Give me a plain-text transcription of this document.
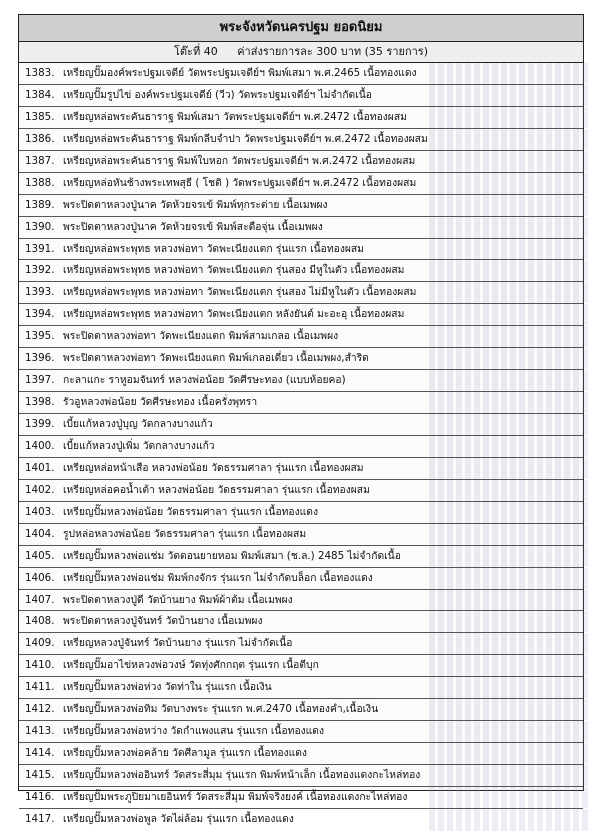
พระจังหวัดนครปฐม ยอดนิยม
โต๊ะที่ 40 ค่าส่งรายการละ 300 บาท (35 รายการ)
1383. เหรียญปั๊มองค์พระปฐมเจดีย์ วัดพระปฐมเจดีย์ฯ พิมพ์เสมา พ.ศ.2465 เนื้อทองแดง
1384. เหรียญปั๊มรูปไข่ องค์พระปฐมเจดีย์ (วีว) วัดพระปฐมเจดีย์ฯ ไม่จำกัดเนื้อ
1385. เหรียญหล่อพระคันธาราฐ พิมพ์เสมา วัดพระปฐมเจดีย์ฯ พ.ศ.2472 เนื้อทองผสม
1386. เหรียญหล่อพระคันธาราฐ พิมพ์กลีบจำปา วัดพระปฐมเจดีย์ฯ พ.ศ.2472 เนื้อทองผสม
1387. เหรียญหล่อพระคันธาราฐ พิมพ์ใบหอก วัดพระปฐมเจดีย์ฯ พ.ศ.2472 เนื้อทองผสม
1388. เหรียญหล่อหันช้างพระเทพสุธี ( โชติ ) วัดพระปฐมเจดีย์ฯ พ.ศ.2472 เนื้อทองผสม
1389. พระปิดตาหลวงปู่นาค วัดห้วยจรเข้ พิมพ์ทุกระต่าย เนื้อเมพผง
1390. พระปิดตาหลวงปู่นาค วัดห้วยจรเข้ พิมพ์สะดือจุ่น เนื้อเมพผง
1391. เหรียญหล่อพระพุทธ หลวงพ่อทา วัดพะเนียงแตก รุ่นแรก เนื้อทองผสม
1392. เหรียญหล่อพระพุทธ หลวงพ่อทา วัดพะเนียงแตก รุ่นสอง มีหูในตัว เนื้อทองผสม
1393. เหรียญหล่อพระพุทธ หลวงพ่อทา วัดพะเนียงแตก รุ่นสอง ไม่มีหูในตัว เนื้อทองผสม
1394. เหรียญหล่อพระพุทธ หลวงพ่อทา วัดพะเนียงแตก หลังยันต์ มะอะอุ เนื้อทองผสม
1395. พระปิดตาหลวงพ่อทา วัดพะเนียงแตก พิมพ์สามเกลอ เนื้อเมพผง
1396. พระปิดตาหลวงพ่อทา วัดพะเนียงแตก พิมพ์เกลอเดี่ยว เนื้อเมพผง,สำริด
1397. กะลาแกะ ราหูอมจันทร์ หลวงพ่อน้อย วัดศีรษะทอง (แบบห้อยคอ)
1398. รัวอูหลวงพ่อน้อย วัดศีรษะทอง เนื้อครั่งพุทรา
1399. เบี้ยแก้หลวงปู่บุญ วัดกลางบางแก้ว
1400. เบี้ยแก้หลวงปู่เพิ่ม วัดกลางบางแก้ว
1401. เหรียญหล่อหน้าเสือ หลวงพ่อน้อย วัดธรรมศาลา รุ่นแรก เนื้อทองผสม
1402. เหรียญหล่อคอน้ำเต้า หลวงพ่อน้อย วัดธรรมศาลา รุ่นแรก เนื้อทองผสม
1403. เหรียญปั๊มหลวงพ่อน้อย วัดธรรมศาลา รุ่นแรก เนื้อทองแดง
1404. รูปหล่อหลวงพ่อน้อย วัดธรรมศาลา รุ่นแรก เนื้อทองผสม
1405. เหรียญปั๊มหลวงพ่อแช่ม วัดดอนยายหอม พิมพ์เสมา (ช.ล.) 2485 ไม่จำกัดเนื้อ
1406. เหรียญปั๊มหลวงพ่อแช่ม พิมพ์กงจักร รุ่นแรก ไม่จำกัดบล็อก เนื้อทองแดง
1407. พระปิดตาหลวงปู่ดี วัดบ้านยาง พิมพ์ผ้าต้ม เนื้อเมพผง
1408. พระปิดตาหลวงปู่จันทร์ วัดบ้านยาง เนื้อเมพผง
1409. เหรียญหลวงปู่จันทร์ วัดบ้านยาง รุ่นแรก ไม่จำกัดเนื้อ
1410. เหรียญปั๊มอาไข่หลวงพ่อวงษ์ วัดทุ่งศักกฤต รุ่นแรก เนื้อตีบุก
1411. เหรียญปั๊มหลวงพ่อห่วง วัดท่าใน รุ่นแรก เนื้อเงิน
1412. เหรียญปั๊มหลวงพ่อทิม วัดบางพระ รุ่นแรก พ.ศ.2470 เนื้อทองคำ,เนื้อเงิน
1413. เหรียญปั๊มหลวงพ่อหว่าง วัดกำแพงแสน รุ่นแรก เนื้อทองแดง
1414. เหรียญปั๊มหลวงพ่อคล้าย วัดศีลามูล รุ่นแรก เนื้อทองแดง
1415. เหรียญปั๊มหลวงพ่ออินทร์ วัดสระสี่มุม รุ่นแรก พิมพ์หน้าเล็ก เนื้อทองแดงกะไหล่ทอง
1416. เหรียญปั๊มพระภูปิยมาเยอินทร์ วัดสระสี่มุม พิมพ์จริงยงค์ เนื้อทองแดงกะไหล่ทอง
1417. เหรียญปั๊มหลวงพ่อพูล วัดไผ่ล้อม รุ่นแรก เนื้อทองแดง
